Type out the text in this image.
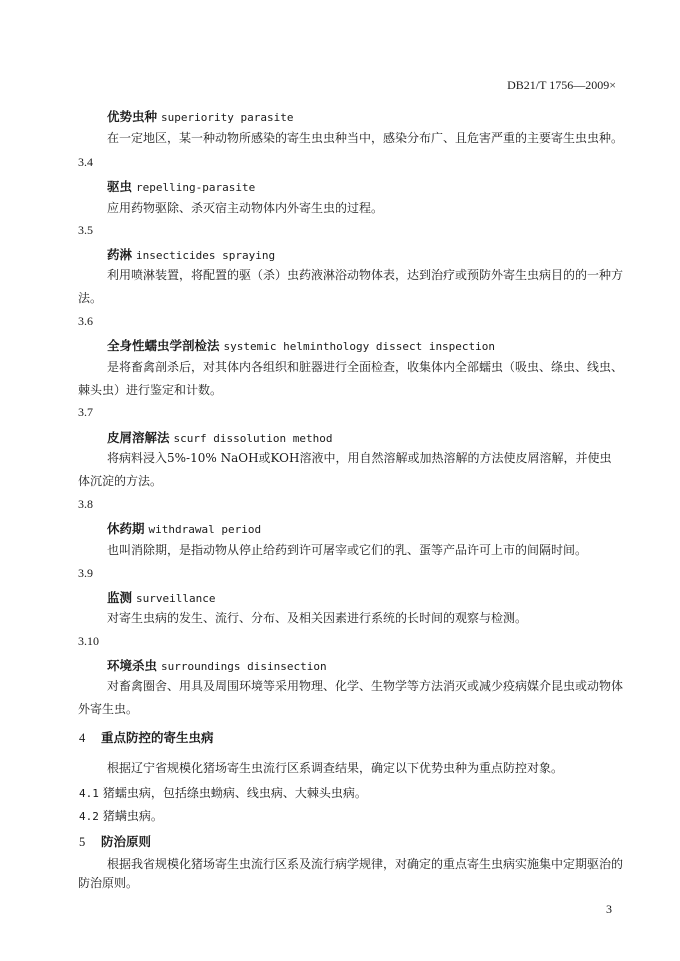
DB21/T 1756—2009×
优势虫种 superiority parasite
在一定地区，某一种动物所感染的寄生虫虫种当中，感染分布广、且危害严重的主要寄生虫虫种。
3.4
驱虫 repelling-parasite
应用药物驱除、杀灭宿主动物体内外寄生虫的过程。
3.5
药淋 insecticides spraying
利用喷淋装置，将配置的驱（杀）虫药液淋浴动物体表，达到治疗或预防外寄生虫病目的的一种方法。
3.6
全身性蠕虫学剖检法 systemic helminthology dissect inspection
是将畜禽剖杀后，对其体内各组织和脏器进行全面检查，收集体内全部蠕虫（吸虫、绦虫、线虫、棘头虫）进行鉴定和计数。
3.7
皮屑溶解法 scurf dissolution method
将病料浸入5%-10% NaOH或KOH溶液中，用自然溶解或加热溶解的方法使皮屑溶解，并使虫体沉淀的方法。
3.8
休药期 withdrawal period
也叫消除期，是指动物从停止给药到许可屠宰或它们的乳、蛋等产品许可上市的间隔时间。
3.9
监测 surveillance
对寄生虫病的发生、流行、分布、及相关因素进行系统的长时间的观察与检测。
3.10
环境杀虫 surroundings disinsection
对畜禽圈舍、用具及周围环境等采用物理、化学、生物学等方法消灭或减少疫病媒介昆虫或动物体外寄生虫。
4 重点防控的寄生虫病
根据辽宁省规模化猪场寄生虫流行区系调查结果，确定以下优势虫种为重点防控对象。
4.1 猪蠕虫病，包括绦虫蚴病、线虫病、大棘头虫病。
4.2 猪螨虫病。
5 防治原则
根据我省规模化猪场寄生虫流行区系及流行病学规律，对确定的重点寄生虫病实施集中定期驱治的防治原则。
3
